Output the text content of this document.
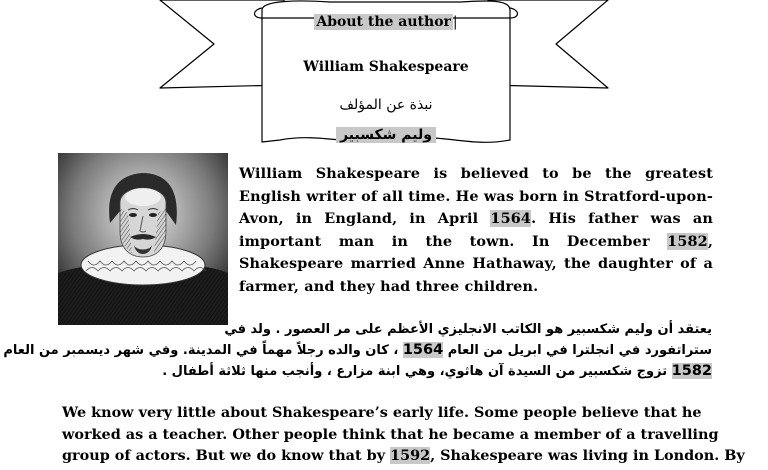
About the author |
William Shakespeare
نبذة عن المؤلف
وليم شكسبير
William Shakespeare is believed to be the greatest English writer of all time. He was born in Stratford-upon-Avon, in England, in April 1564. His father was an important man in the town. In December 1582, Shakespeare married Anne Hathaway, the daughter of a farmer, and they had three children.
يعتقد أن وليم شكسبير هو الكاتب الانجليزي الأعظم على مر العصور . ولد في
ستراتفورد في انجلترا في ابريل من العام 1564 ، كان والده رجلاً مهماً في المدينة. وفي شهر ديسمبر من العام
1582 تزوج شكسبير من السيدة آن هاثوي، وهي ابنة مزارع ، وأنجب منها ثلاثة أطفال .
We know very little about Shakespeare’s early life. Some people believe that he
worked as a teacher. Other people think that he became a member of a travelling
group of actors. But we do know that by 1592, Shakespeare was living in London. By
